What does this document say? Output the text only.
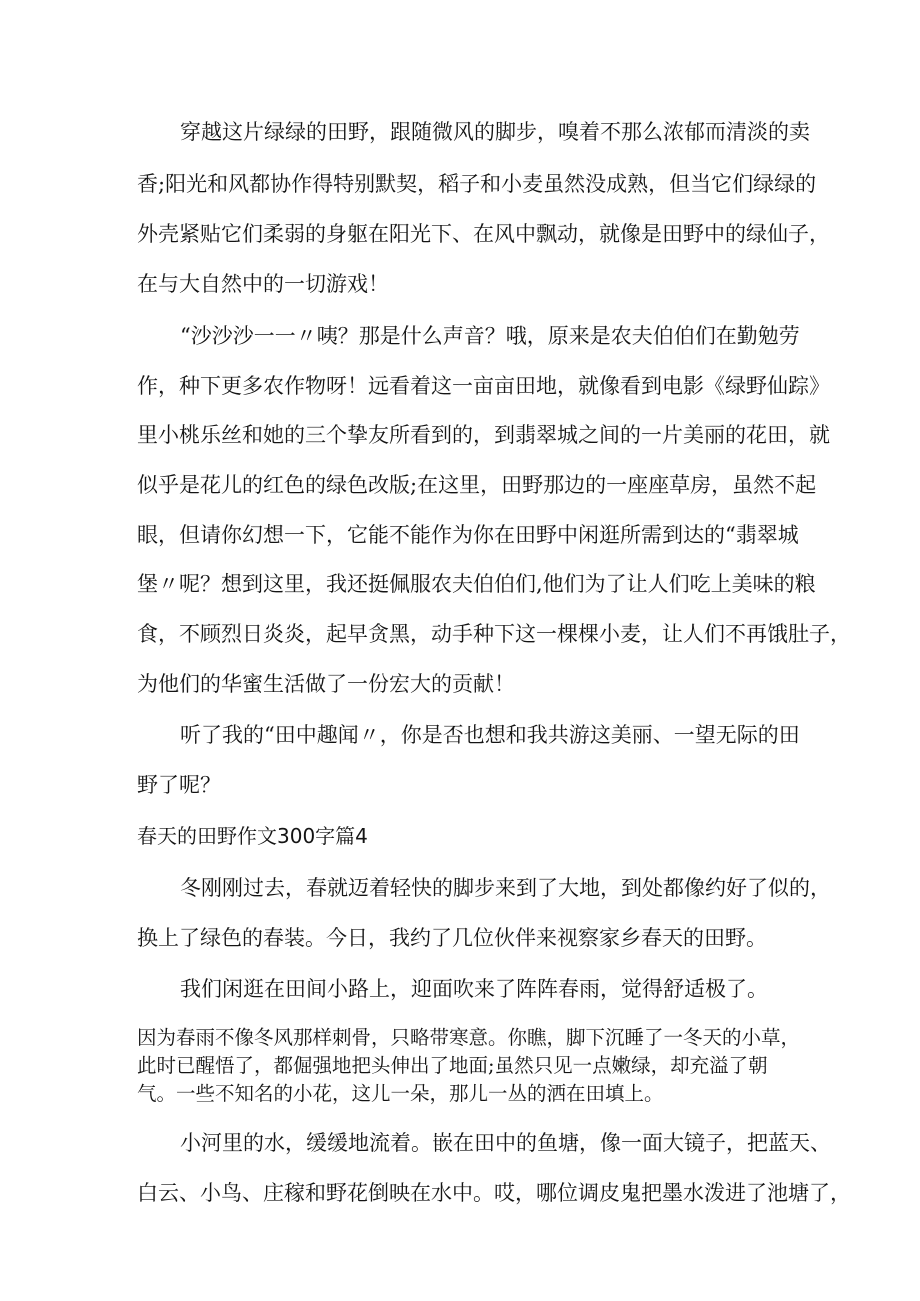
穿越这片绿绿的田野，跟随微风的脚步，嗅着不那么浓郁而清淡的卖
香;阳光和风都协作得特别默契，稻子和小麦虽然没成熟，但当它们绿绿的
外壳紧贴它们柔弱的身躯在阳光下、在风中飘动，就像是田野中的绿仙子，
在与大自然中的一切游戏！
“沙沙沙一一〃咦？那是什么声音？哦，原来是农夫伯伯们在勤勉劳
作，种下更多农作物呀！远看着这一亩亩田地，就像看到电影《绿野仙踪》
里小桃乐丝和她的三个挚友所看到的，到翡翠城之间的一片美丽的花田，就
似乎是花儿的红色的绿色改版;在这里，田野那边的一座座草房，虽然不起
眼，但请你幻想一下，它能不能作为你在田野中闲逛所需到达的“翡翠城
堡〃呢？想到这里，我还挺佩服农夫伯伯们,他们为了让人们吃上美味的粮
食，不顾烈日炎炎，起早贪黑，动手种下这一棵棵小麦，让人们不再饿肚子，
为他们的华蜜生活做了一份宏大的贡献！
听了我的“田中趣闻〃，你是否也想和我共游这美丽、一望无际的田
野了呢？
春天的田野作文300字篇4
冬刚刚过去，春就迈着轻快的脚步来到了大地，到处都像约好了似的，
换上了绿色的春装。今日，我约了几位伙伴来视察家乡春天的田野。
我们闲逛在田间小路上，迎面吹来了阵阵春雨，觉得舒适极了。
因为春雨不像冬风那样刺骨，只略带寒意。你瞧，脚下沉睡了一冬天的小草，
此时已醒悟了，都倔强地把头伸出了地面;虽然只见一点嫩绿，却充溢了朝
气。一些不知名的小花，这儿一朵，那儿一丛的洒在田填上。
小河里的水，缓缓地流着。嵌在田中的鱼塘，像一面大镜子，把蓝天、
白云、小鸟、庄稼和野花倒映在水中。哎，哪位调皮鬼把墨水泼进了池塘了，
